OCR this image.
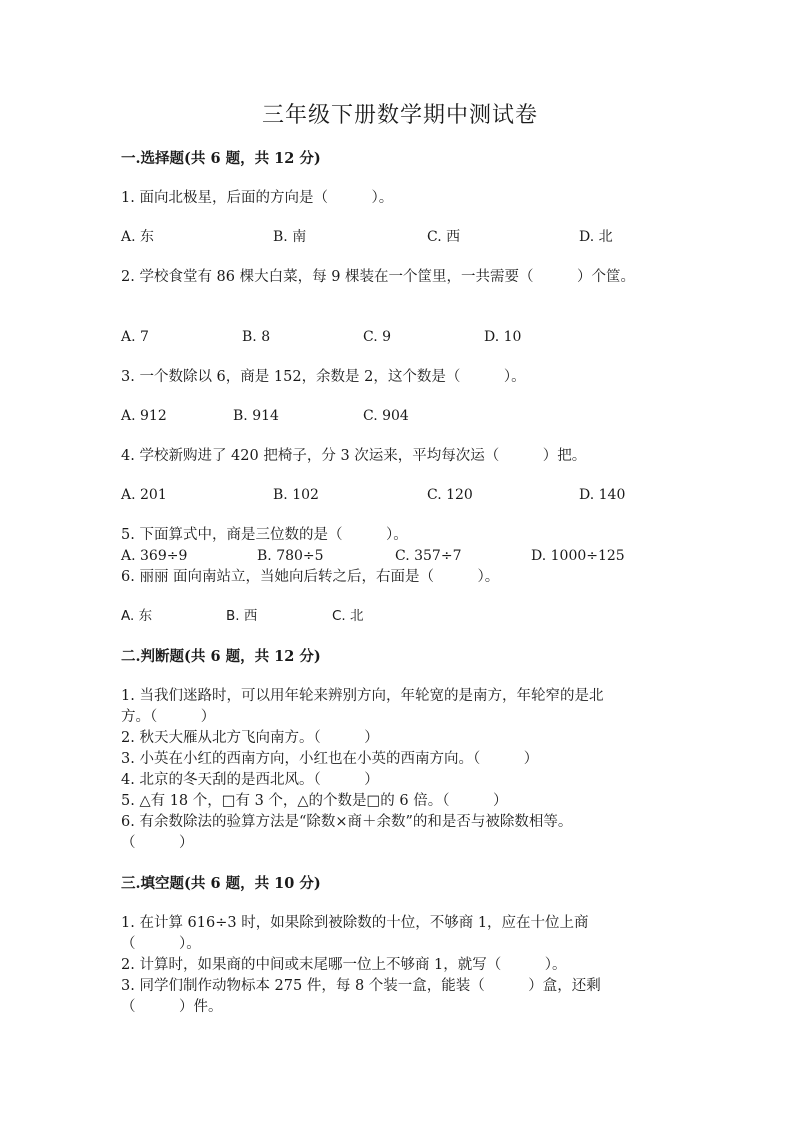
三年级下册数学期中测试卷
一.选择题(共 6 题，共 12 分)
1. 面向北极星，后面的方向是（　　　）。
A. 东	B. 南	C. 西	D. 北
2. 学校食堂有 86 棵大白菜，每 9 棵装在一个筐里，一共需要（　　　）个筐。
A. 7	B. 8	C. 9	D. 10
3. 一个数除以 6，商是 152，余数是 2，这个数是（　　　）。
A. 912	B. 914	C. 904
4. 学校新购进了 420 把椅子，分 3 次运来，平均每次运（　　　）把。
A. 201	B. 102	C. 120	D. 140
5. 下面算式中，商是三位数的是（　　　）。
A. 369÷9	B. 780÷5	C. 357÷7	D. 1000÷125
6. 丽丽 面向南站立，当她向后转之后，右面是（　　　）。
A. 东	B. 西	C. 北
二.判断题(共 6 题，共 12 分)
1. 当我们迷路时，可以用年轮来辨别方向，年轮宽的是南方，年轮窄的是北
方。（　　　）
2. 秋天大雁从北方飞向南方。（　　　）
3. 小英在小红的西南方向，小红也在小英的西南方向。（　　　）
4. 北京的冬天刮的是西北风。（　　　）
5. △有 18 个，□有 3 个，△的个数是□的 6 倍。（　　　）
6. 有余数除法的验算方法是“除数×商＋余数”的和是否与被除数相等。
（　　　）
三.填空题(共 6 题，共 10 分)
1. 在计算 616÷3 时，如果除到被除数的十位，不够商 1，应在十位上商
（　　　）。
2. 计算时，如果商的中间或末尾哪一位上不够商 1，就写（　　　）。
3. 同学们制作动物标本 275 件，每 8 个装一盒，能装（　　　）盒，还剩
（　　　）件。
